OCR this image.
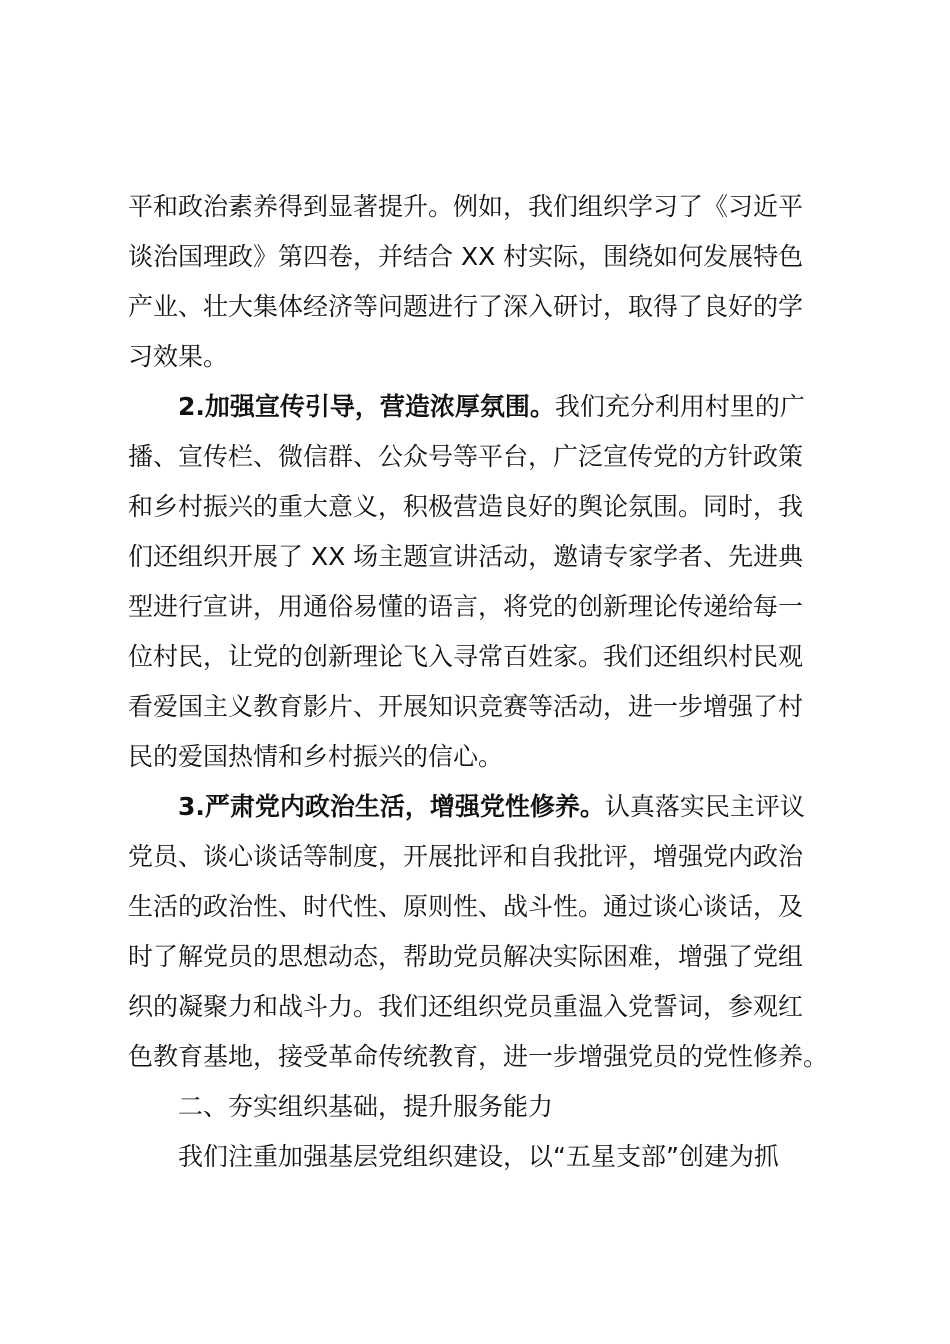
平和政治素养得到显著提升。例如，我们组织学习了《习近平
谈治国理政》第四卷，并结合 XX 村实际，围绕如何发展特色
产业、壮大集体经济等问题进行了深入研讨，取得了良好的学
习效果。
2.加强宣传引导，营造浓厚氛围。我们充分利用村里的广
播、宣传栏、微信群、公众号等平台，广泛宣传党的方针政策
和乡村振兴的重大意义，积极营造良好的舆论氛围。同时，我
们还组织开展了 XX 场主题宣讲活动，邀请专家学者、先进典
型进行宣讲，用通俗易懂的语言，将党的创新理论传递给每一
位村民，让党的创新理论飞入寻常百姓家。我们还组织村民观
看爱国主义教育影片、开展知识竞赛等活动，进一步增强了村
民的爱国热情和乡村振兴的信心。
3.严肃党内政治生活，增强党性修养。认真落实民主评议
党员、谈心谈话等制度，开展批评和自我批评，增强党内政治
生活的政治性、时代性、原则性、战斗性。通过谈心谈话，及
时了解党员的思想动态，帮助党员解决实际困难，增强了党组
织的凝聚力和战斗力。我们还组织党员重温入党誓词，参观红
色教育基地，接受革命传统教育，进一步增强党员的党性修养。
二、夯实组织基础，提升服务能力
我们注重加强基层党组织建设，以“五星支部”创建为抓
